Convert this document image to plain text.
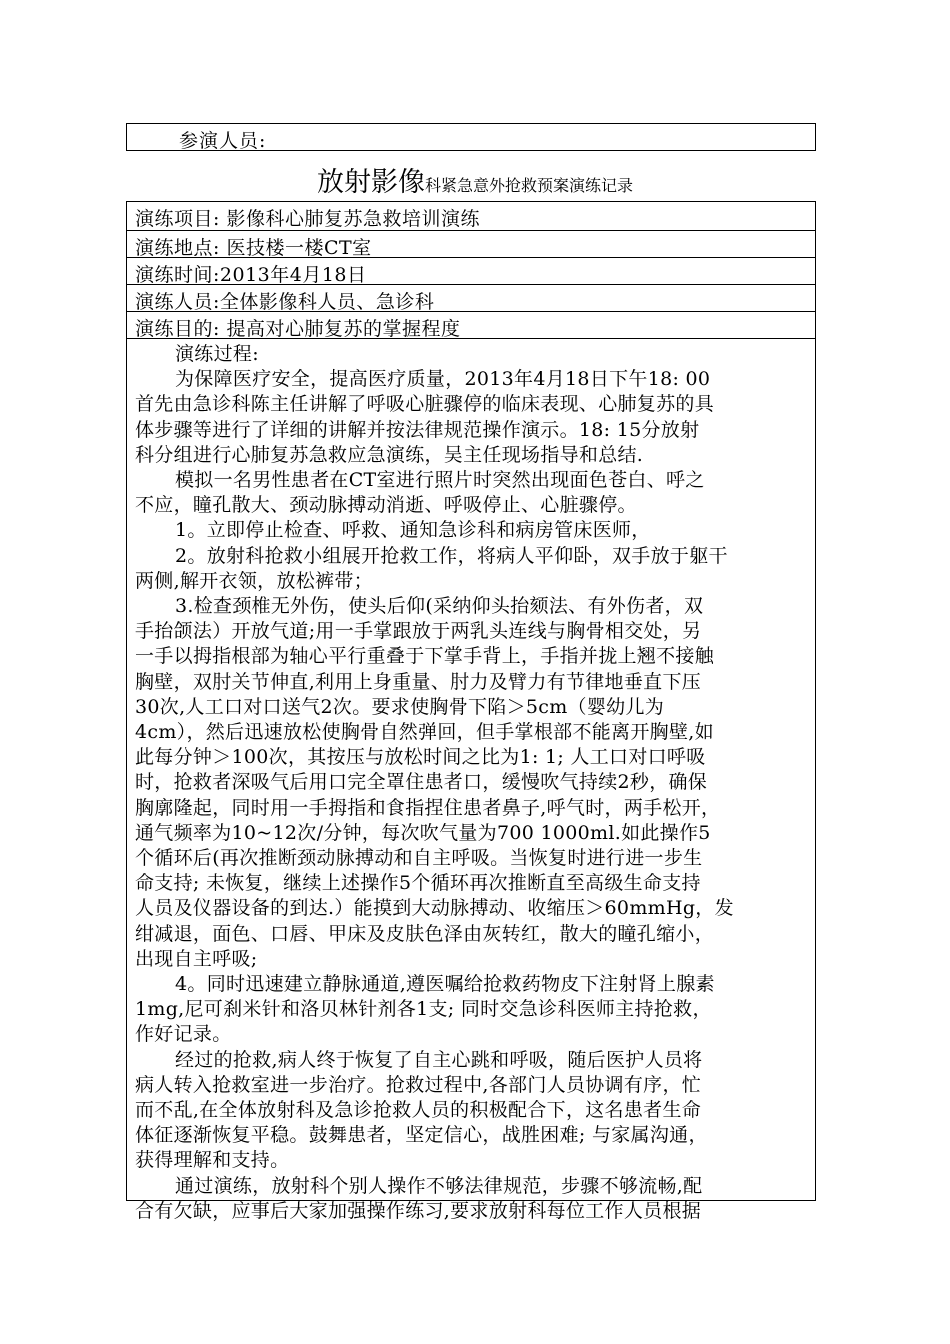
参演人员:
放射影像科紧急意外抢救预案演练记录
演练项目: 影像科心肺复苏急救培训演练
演练地点: 医技楼一楼CT室
演练时间:2013年4月18日
演练人员:全体影像科人员、急诊科
演练目的: 提高对心肺复苏的掌握程度
演练过程:
为保障医疗安全，提高医疗质量，2013年4月18日下午18: 00
首先由急诊科陈主任讲解了呼吸心脏骤停的临床表现、心肺复苏的具
体步骤等进行了详细的讲解并按法律规范操作演示。18: 15分放射
科分组进行心肺复苏急救应急演练，吴主任现场指导和总结.
模拟一名男性患者在CT室进行照片时突然出现面色苍白、呼之
不应，瞳孔散大、颈动脉搏动消逝、呼吸停止、心脏骤停。
1。立即停止检查、呼救、通知急诊科和病房管床医师，
2。放射科抢救小组展开抢救工作，将病人平仰卧，双手放于躯干
两侧,解开衣领，放松裤带；
3.检查颈椎无外伤，使头后仰(采纳仰头抬颏法、有外伤者，双
手抬颌法）开放气道;用一手掌跟放于两乳头连线与胸骨相交处，另
一手以拇指根部为轴心平行重叠于下掌手背上，手指并拢上翘不接触
胸壁，双肘关节伸直,利用上身重量、肘力及臂力有节律地垂直下压
30次,人工口对口送气2次。要求使胸骨下陷＞5cm（婴幼儿为
4cm），然后迅速放松使胸骨自然弹回，但手掌根部不能离开胸壁,如
此每分钟＞100次，其按压与放松时间之比为1: 1; 人工口对口呼吸
时，抢救者深吸气后用口完全罩住患者口，缓慢吹气持续2秒，确保
胸廓隆起，同时用一手拇指和食指捏住患者鼻子,呼气时，两手松开，
通气频率为10~12次/分钟，每次吹气量为700 1000ml.如此操作5
个循环后(再次推断颈动脉搏动和自主呼吸。当恢复时进行进一步生
命支持; 未恢复，继续上述操作5个循环再次推断直至高级生命支持
人员及仪器设备的到达.）能摸到大动脉搏动、收缩压＞60mmHg，发
绀减退，面色、口唇、甲床及皮肤色泽由灰转红，散大的瞳孔缩小，
出现自主呼吸;
4。同时迅速建立静脉通道,遵医嘱给抢救药物皮下注射肾上腺素
1mg,尼可刹米针和洛贝林针剂各1支; 同时交急诊科医师主持抢救，
作好记录。
经过的抢救,病人终于恢复了自主心跳和呼吸，随后医护人员将
病人转入抢救室进一步治疗。抢救过程中,各部门人员协调有序，忙
而不乱,在全体放射科及急诊抢救人员的积极配合下，这名患者生命
体征逐渐恢复平稳。鼓舞患者，坚定信心，战胜困难; 与家属沟通，
获得理解和支持。
通过演练，放射科个别人操作不够法律规范，步骤不够流畅,配
合有欠缺，应事后大家加强操作练习,要求放射科每位工作人员根据
